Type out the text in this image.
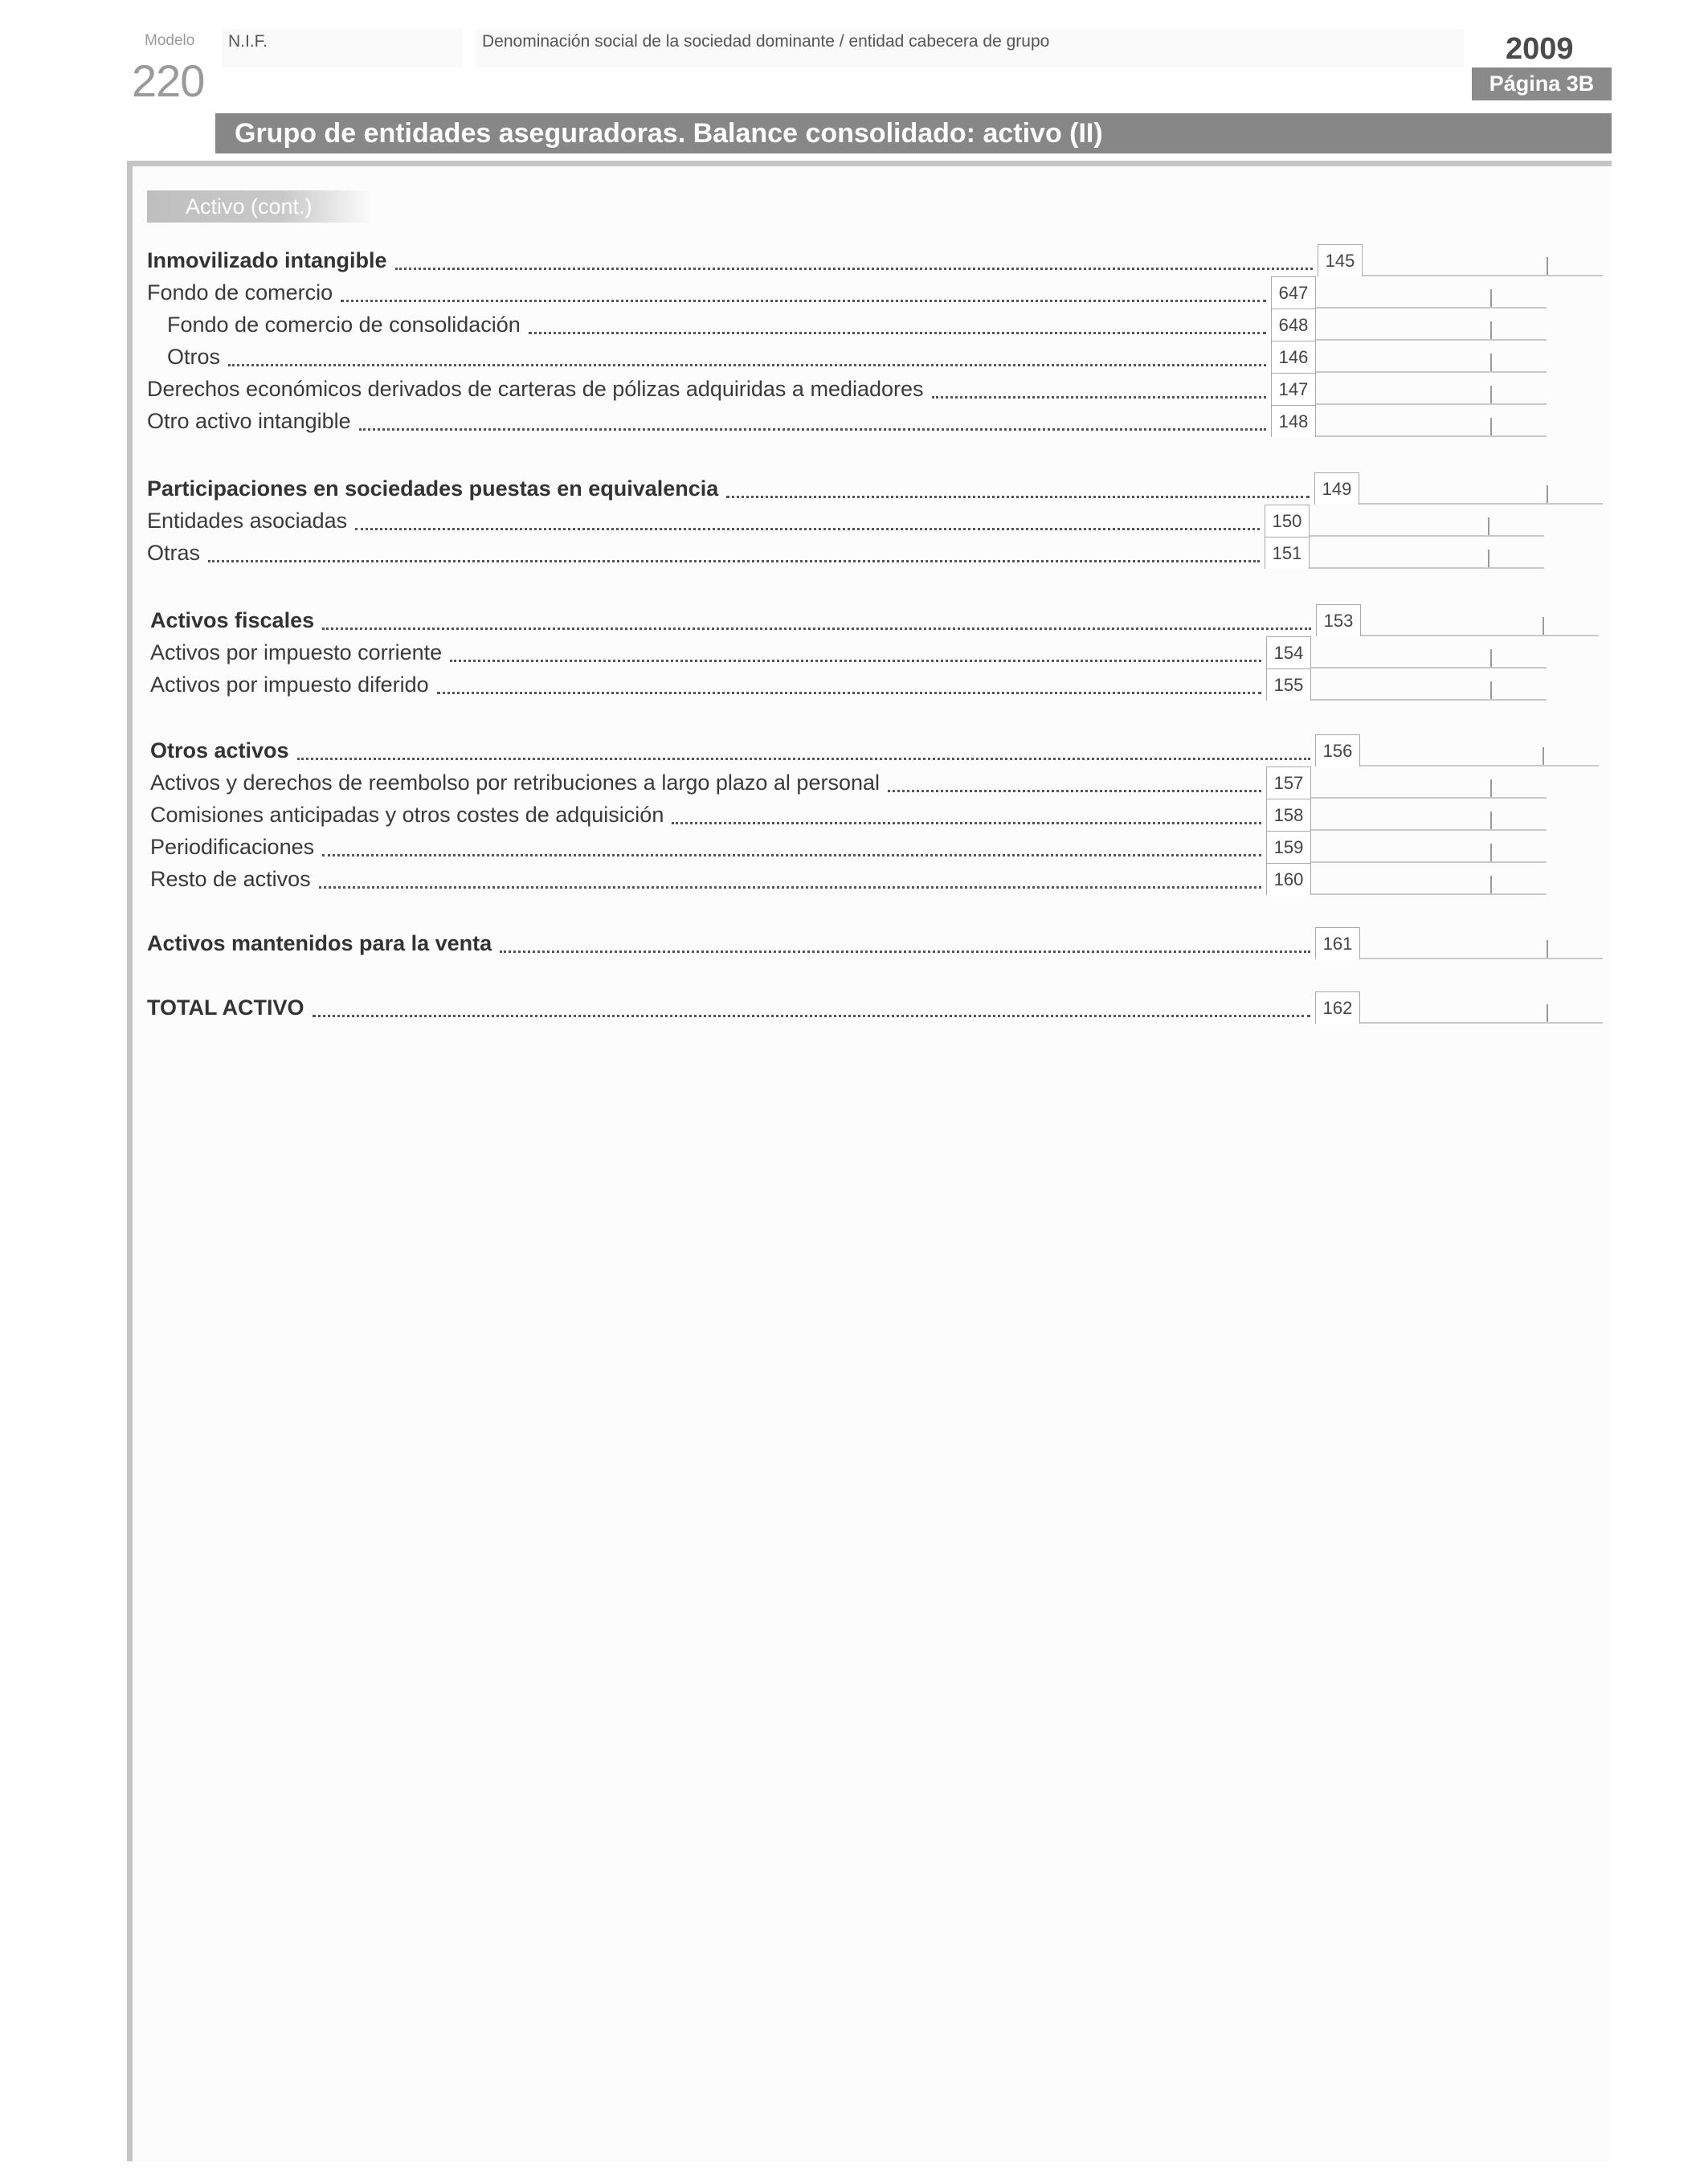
Modelo
220
N.I.F.	Denominación social de la sociedad dominante / entidad cabecera de grupo	2009
Página 3B
Grupo de entidades aseguradoras. Balance consolidado: activo (II)
Activo (cont.)
Inmovilizado intangible	145
Fondo de comercio	647
Fondo de comercio de consolidación	648
Otros	146
Derechos económicos derivados de carteras de pólizas adquiridas a mediadores	147
Otro activo intangible	148
Participaciones en sociedades puestas en equivalencia	149
Entidades asociadas	150
Otras	151
Activos fiscales	153
Activos por impuesto corriente	154
Activos por impuesto diferido	155
Otros activos	156
Activos y derechos de reembolso por retribuciones a largo plazo al personal	157
Comisiones anticipadas y otros costes de adquisición	158
Periodificaciones	159
Resto de activos	160
Activos mantenidos para la venta	161
TOTAL ACTIVO	162
